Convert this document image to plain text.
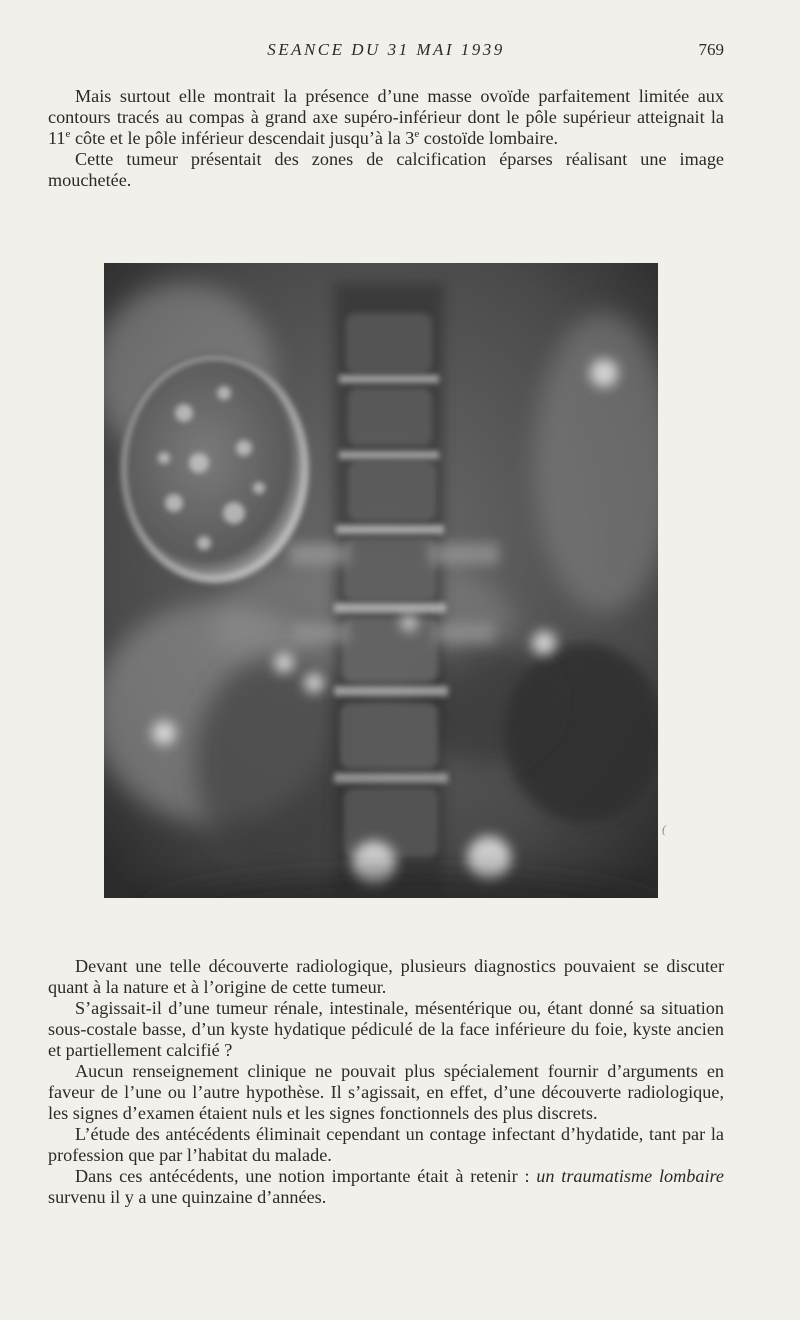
SEANCE DU 31 MAI 1939	769

Mais surtout elle montrait la présence d’une masse ovoïde parfaitement limitée aux contours tracés au compas à grand axe supéro-inférieur dont le pôle supérieur atteignait la 11e côte et le pôle inférieur descendait jusqu’à la 3e costoïde lombaire.

Cette tumeur présentait des zones de calcification éparses réalisant une image mouchetée.

(

Devant une telle découverte radiologique, plusieurs diagnostics pouvaient se discuter quant à la nature et à l’origine de cette tumeur.

S’agissait-il d’une tumeur rénale, intestinale, mésentérique ou, étant donné sa situation sous-costale basse, d’un kyste hydatique pédiculé de la face inférieure du foie, kyste ancien et partiellement calcifié ?

Aucun renseignement clinique ne pouvait plus spécialement fournir d’arguments en faveur de l’une ou l’autre hypothèse. Il s’agissait, en effet, d’une découverte radiologique, les signes d’examen étaient nuls et les signes fonctionnels des plus discrets.

L’étude des antécédents éliminait cependant un contage infectant d’hydatide, tant par la profession que par l’habitat du malade.

Dans ces antécédents, une notion importante était à retenir : un traumatisme lombaire survenu il y a une quinzaine d’années.
